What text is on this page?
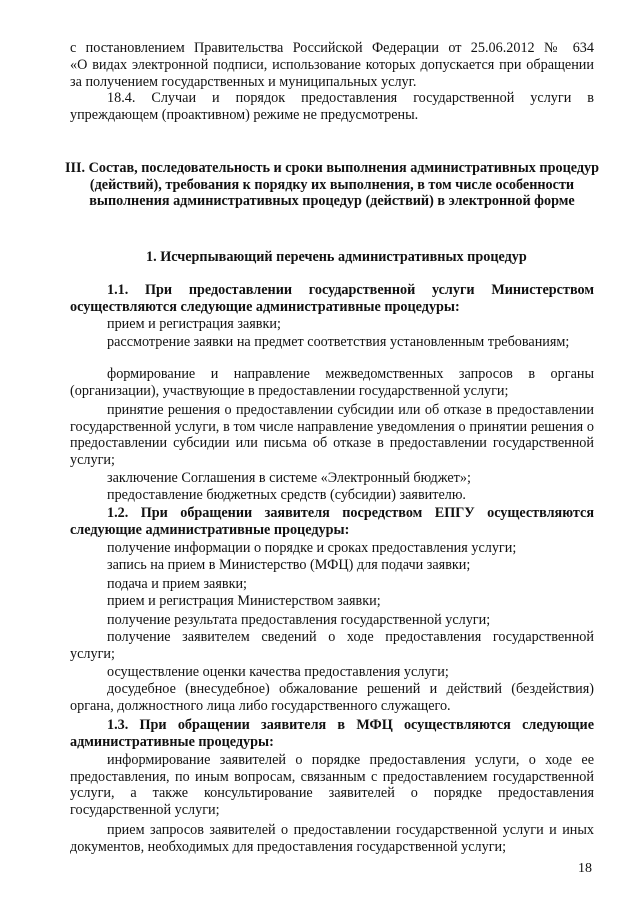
с постановлением Правительства Российской Федерации от 25.06.2012 № 634

«О видах электронной подписи, использование которых допускается при обращении за получением государственных и муниципальных услуг.

18.4. Случаи и порядок предоставления государственной услуги в упреждающем (проактивном) режиме не предусмотрены.

III. Состав, последовательность и сроки выполнения административных процедур (действий), требования к порядку их выполнения, в том числе особенности выполнения административных процедур (действий) в электронной форме

1. Исчерпывающий перечень административных процедур

1.1. При предоставлении государственной услуги Министерством осуществляются следующие административные процедуры:

прием и регистрация заявки;

рассмотрение заявки на предмет соответствия установленным требованиям;

формирование и направление межведомственных запросов в органы (организации), участвующие в предоставлении государственной услуги;

принятие решения о предоставлении субсидии или об отказе в предоставлении государственной услуги, в том числе направление уведомления о принятии решения о предоставлении субсидии или письма об отказе в предоставлении государственной услуги;

заключение Соглашения в системе «Электронный бюджет»;

предоставление бюджетных средств (субсидии) заявителю.

1.2. При обращении заявителя посредством ЕПГУ осуществляются следующие административные процедуры:

получение информации о порядке и сроках предоставления услуги;

запись на прием в Министерство (МФЦ) для подачи заявки;

подача и прием заявки;

прием и регистрация Министерством заявки;

получение результата предоставления государственной услуги;

получение заявителем сведений о ходе предоставления государственной услуги;

осуществление оценки качества предоставления услуги;

досудебное (внесудебное) обжалование решений и действий (бездействия) органа, должностного лица либо государственного служащего.

1.3. При обращении заявителя в МФЦ осуществляются следующие административные процедуры:

информирование заявителей о порядке предоставления услуги, о ходе ее предоставления, по иным вопросам, связанным с предоставлением государственной услуги, а также консультирование заявителей о порядке предоставления государственной услуги;

прием запросов заявителей о предоставлении государственной услуги и иных документов, необходимых для предоставления государственной услуги;

18
